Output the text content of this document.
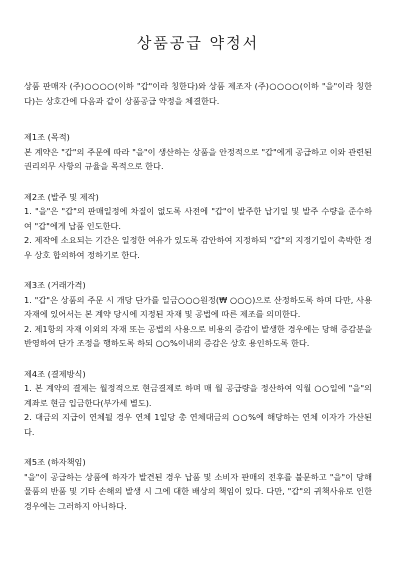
상품공급 약정서

상품 판매자 (주)○○○○(이하 "갑"이라 칭한다)와 상품 제조자 (주)○○○○(이하 "을"이라 칭한다)는 상호간에 다음과 같이 상품공급 약정을 체결한다.

제1조 (목적)

본 계약은 "갑"의 주문에 따라 "을"이 생산하는 상품을 안정적으로 "갑"에게 공급하고 이와 관련된 권리의무 사항의 규율을 목적으로 한다.

제2조 (발주 및 제작)

1. "을"은 "갑"의 판매일정에 차질이 없도록 사전에 "갑"이 발주한 납기일 및 발주 수량을 준수하여 "갑"에게 납품 인도한다.

2. 제작에 소요되는 기간은 일정한 여유가 있도록 감안하여 지정하되 "갑"의 지정기일이 촉박한 경우 상호 합의하여 정하기로 한다.

제3조 (거래가격)

1. "갑"은 상품의 주문 시 개당 단가를 일금○○○원정(₩ ○○○)으로 산정하도록 하며 다만, 사용자재에 있어서는 본 계약 당시에 지정된 자재 및 공법에 따른 제조를 의미한다.

2. 제1항의 자재 이외의 자재 또는 공법의 사용으로 비용의 증감이 발생한 경우에는 당해 증감분을 반영하여 단가 조정을 행하도록 하되 ○○%이내의 증감은 상호 용인하도록 한다.

제4조 (결제방식)

1. 본 계약의 결제는 월정적으로 현금결제로 하며 매 월 공급량을 정산하여 익월 ○○일에 "을"의 계좌로 현금 입금한다(부가세 별도).

2. 대금의 지급이 연체될 경우 연체 1일당 총 연체대금의 ○○%에 해당하는 연체 이자가 가산된다.

제5조 (하자책임)

"을"이 공급하는 상품에 하자가 발견된 경우 납품 및 소비자 판매의 전후를 불문하고 "을"이 당해 물품의 반품 및 기타 손해의 발생 시 그에 대한 배상의 책임이 있다. 다만, "갑"의 귀책사유로 인한 경우에는 그러하지 아니하다.
